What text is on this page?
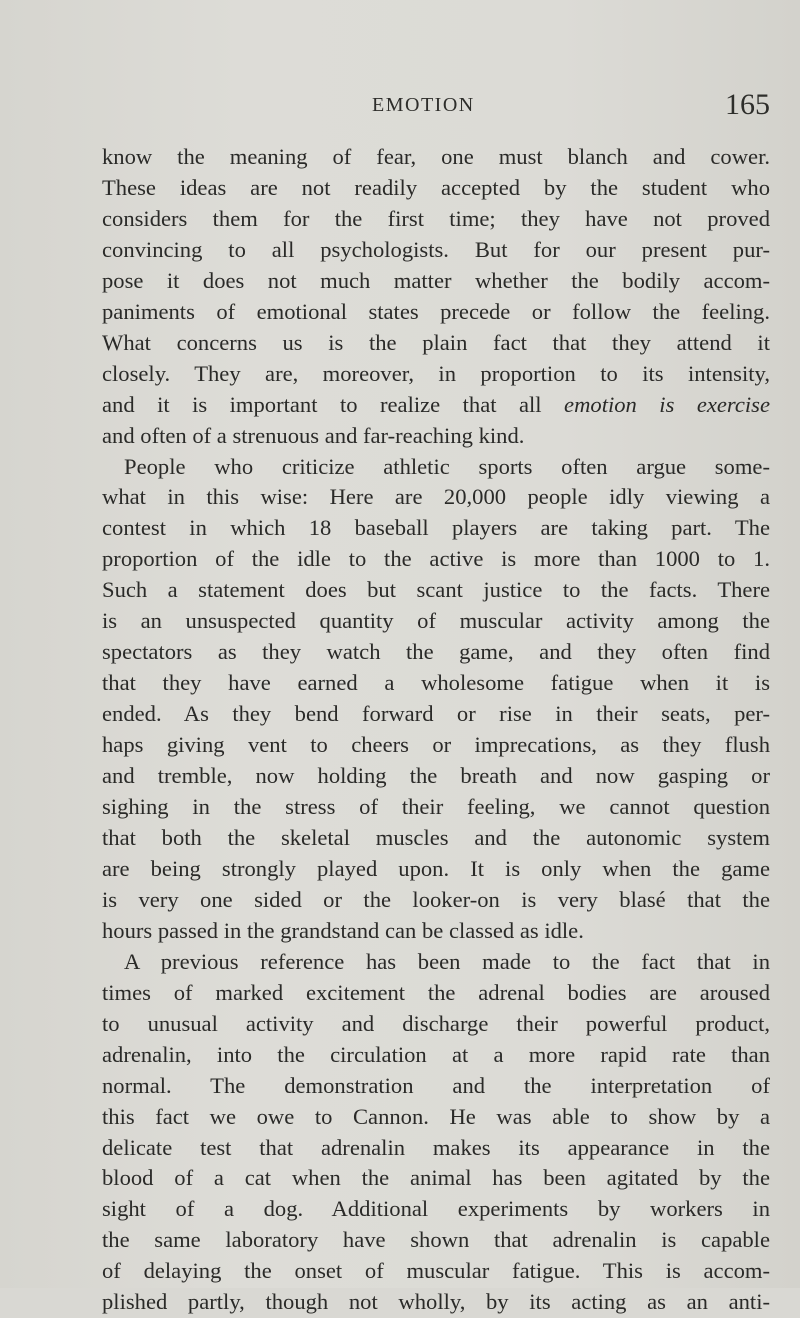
EMOTION	165
know the meaning of fear, one must blanch and cower.
These ideas are not readily accepted by the student who
considers them for the first time; they have not proved
convincing to all psychologists. But for our present pur-
pose it does not much matter whether the bodily accom-
paniments of emotional states precede or follow the feeling.
What concerns us is the plain fact that they attend it
closely. They are, moreover, in proportion to its intensity,
and it is important to realize that all emotion is exercise
and often of a strenuous and far-reaching kind.
People who criticize athletic sports often argue some-
what in this wise: Here are 20,000 people idly viewing a
contest in which 18 baseball players are taking part. The
proportion of the idle to the active is more than 1000 to 1.
Such a statement does but scant justice to the facts. There
is an unsuspected quantity of muscular activity among the
spectators as they watch the game, and they often find
that they have earned a wholesome fatigue when it is
ended. As they bend forward or rise in their seats, per-
haps giving vent to cheers or imprecations, as they flush
and tremble, now holding the breath and now gasping or
sighing in the stress of their feeling, we cannot question
that both the skeletal muscles and the autonomic system
are being strongly played upon. It is only when the game
is very one sided or the looker-on is very blasé that the
hours passed in the grandstand can be classed as idle.
A previous reference has been made to the fact that in
times of marked excitement the adrenal bodies are aroused
to unusual activity and discharge their powerful product,
adrenalin, into the circulation at a more rapid rate than
normal. The demonstration and the interpretation of
this fact we owe to Cannon. He was able to show by a
delicate test that adrenalin makes its appearance in the
blood of a cat when the animal has been agitated by the
sight of a dog. Additional experiments by workers in
the same laboratory have shown that adrenalin is capable
of delaying the onset of muscular fatigue. This is accom-
plished partly, though not wholly, by its acting as an anti-
